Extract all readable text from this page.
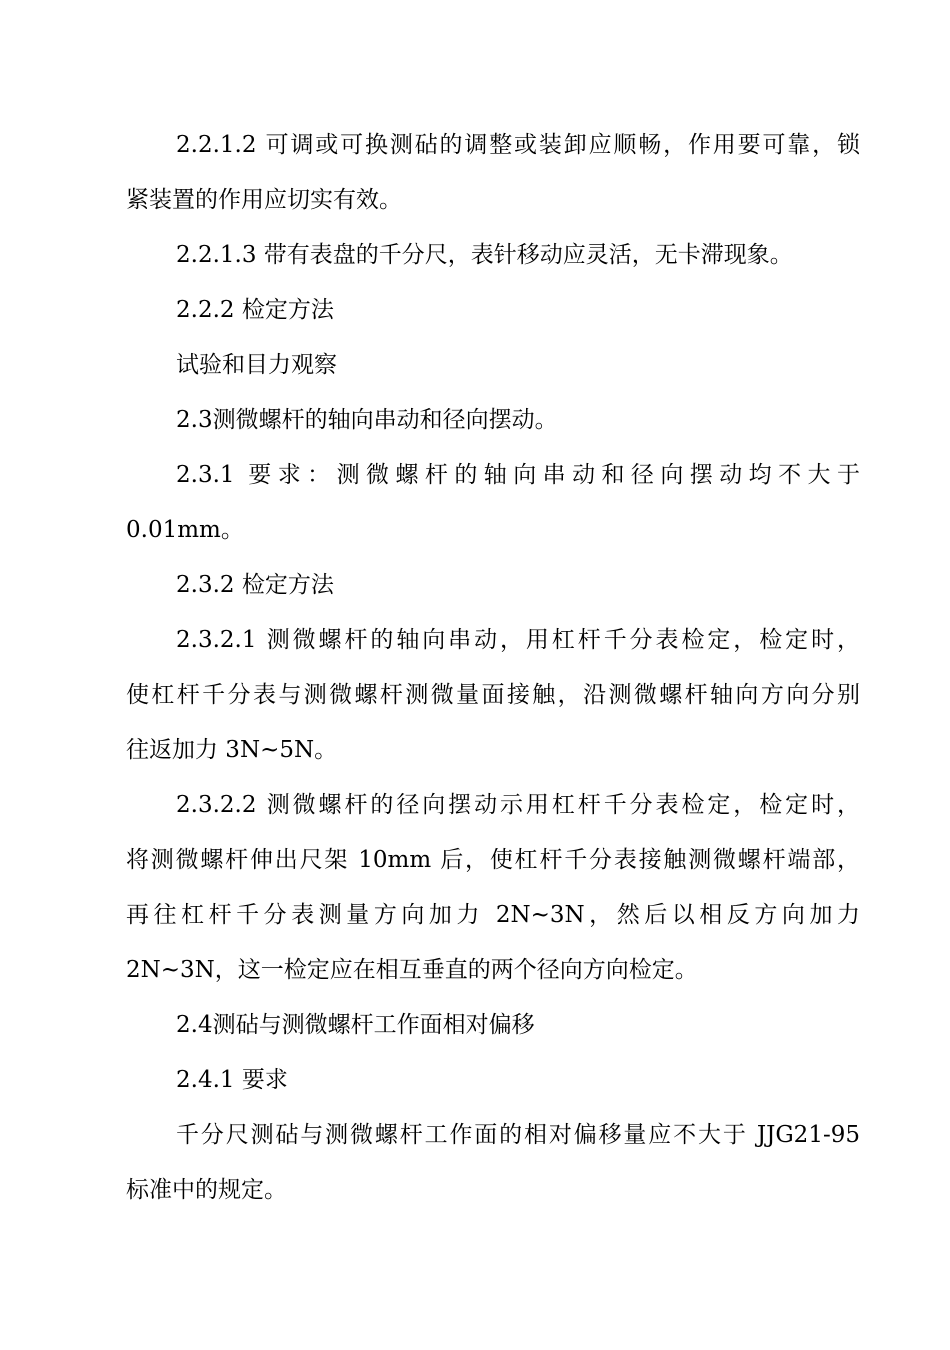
2.2.1.2 可调或可换测砧的调整或装卸应顺畅，作用要可靠，锁
紧装置的作用应切实有效。
2.2.1.3 带有表盘的千分尺，表针移动应灵活，无卡滞现象。
2.2.2 检定方法
试验和目力观察
2.3测微螺杆的轴向串动和径向摆动。
2.3.1 要求：测微螺杆的轴向串动和径向摆动均不大于
0.01mm。
2.3.2 检定方法
2.3.2.1 测微螺杆的轴向串动，用杠杆千分表检定，检定时，
使杠杆千分表与测微螺杆测微量面接触，沿测微螺杆轴向方向分别
往返加力 3N~5N。
2.3.2.2 测微螺杆的径向摆动示用杠杆千分表检定，检定时，
将测微螺杆伸出尺架 10mm 后，使杠杆千分表接触测微螺杆端部，
再往杠杆千分表测量方向加力 2N~3N，然后以相反方向加力
2N~3N，这一检定应在相互垂直的两个径向方向检定。
2.4测砧与测微螺杆工作面相对偏移
2.4.1 要求
千分尺测砧与测微螺杆工作面的相对偏移量应不大于 JJG21-95
标准中的规定。
